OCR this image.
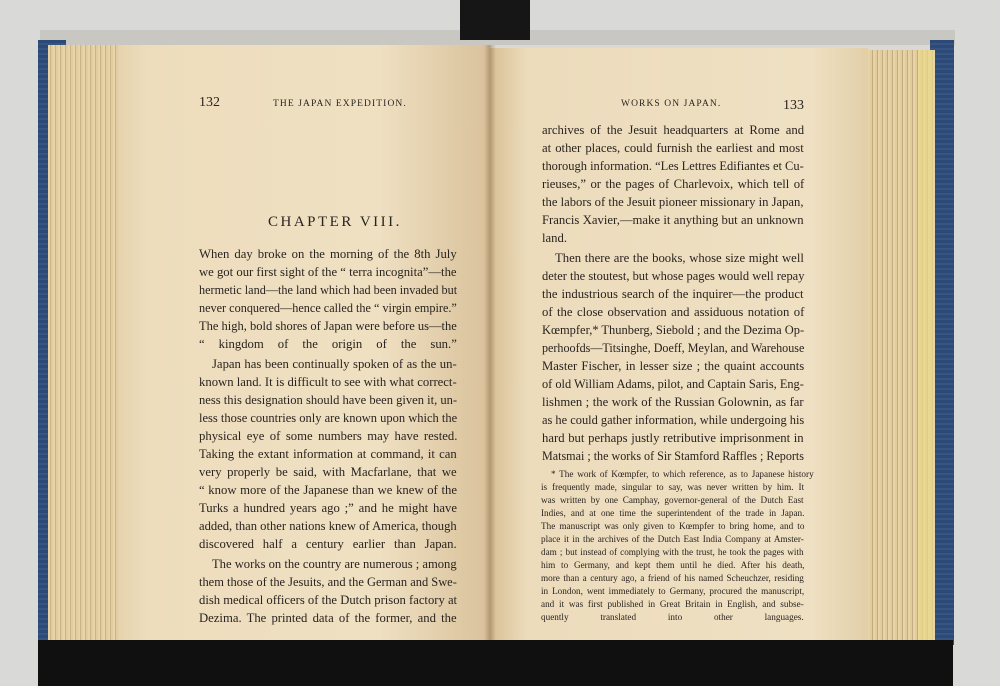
132	THE JAPAN EXPEDITION.
CHAPTER VIII.
When day broke on the morning of the 8th July
we got our first sight of the “ terra incognita”—the
hermetic land—the land which had been invaded but
never conquered—hence called the “ virgin empire.”
The high, bold shores of Japan were before us—the
“ kingdom of the origin of the sun.”
Japan has been continually spoken of as the un-
known land. It is difficult to see with what correct-
ness this designation should have been given it, un-
less those countries only are known upon which the
physical eye of some numbers may have rested.
Taking the extant information at command, it can
very properly be said, with Macfarlane, that we
“ know more of the Japanese than we knew of the
Turks a hundred years ago ;” and he might have
added, than other nations knew of America, though
discovered half a century earlier than Japan.
The works on the country are numerous ; among
them those of the Jesuits, and the German and Swe-
dish medical officers of the Dutch prison factory at
Dezima. The printed data of the former, and the
WORKS ON JAPAN.	133
archives of the Jesuit headquarters at Rome and
at other places, could furnish the earliest and most
thorough information. “Les Lettres Edifiantes et Cu-
rieuses,” or the pages of Charlevoix, which tell of
the labors of the Jesuit pioneer missionary in Japan,
Francis Xavier,—make it anything but an unknown
land.
Then there are the books, whose size might well
deter the stoutest, but whose pages would well repay
the industrious search of the inquirer—the product
of the close observation and assiduous notation of
Kœmpfer,* Thunberg, Siebold ; and the Dezima Op-
perhoofds—Titsinghe, Doeff, Meylan, and Warehouse
Master Fischer, in lesser size ; the quaint accounts
of old William Adams, pilot, and Captain Saris, Eng-
lishmen ; the work of the Russian Golownin, as far
as he could gather information, while undergoing his
hard but perhaps justly retributive imprisonment in
Matsmai ; the works of Sir Stamford Raffles ; Reports
* The work of Kœmpfer, to which reference, as to Japanese history
is frequently made, singular to say, was never written by him. It
was written by one Camphay, governor-general of the Dutch East
Indies, and at one time the superintendent of the trade in Japan.
The manuscript was only given to Kœmpfer to bring home, and to
place it in the archives of the Dutch East India Company at Amster-
dam ; but instead of complying with the trust, he took the pages with
him to Germany, and kept them until he died. After his death,
more than a century ago, a friend of his named Scheuchzer, residing
in London, went immediately to Germany, procured the manuscript,
and it was first published in Great Britain in English, and subse-
quently translated into other languages.
